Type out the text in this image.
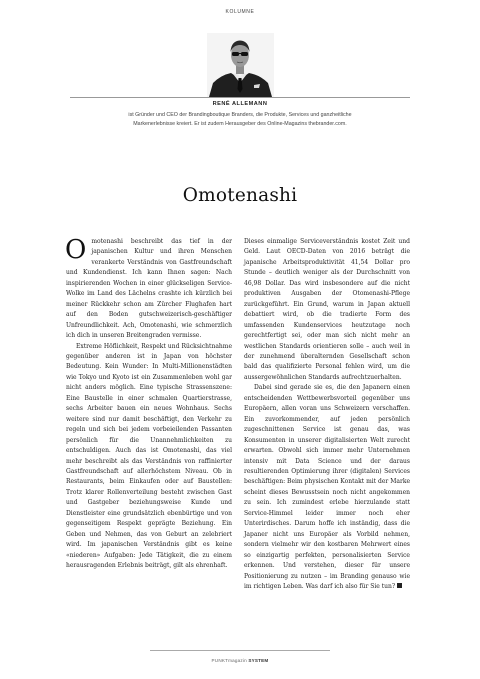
KOLUMNE
RENÉ ALLEMANN
ist Gründer und CEO der Brandingboutique Branders, die Produkte, Services und ganzheitliche
Markenerlebnisse kreiert. Er ist zudem Herausgeber des Online-Magazins thebrander.com.
Omotenashi

Omotenashi beschreibt das tief in der japanischen Kultur und ihren Menschen verankerte Verständnis von Gastfreundschaft und Kundendienst. Ich kann Ihnen sagen: Nach inspirierenden Wochen in einer glückseligen Service-Wolke im Land des Lächelns crashte ich kürzlich bei meiner Rückkehr schon am Zürcher Flughafen hart auf den Boden gutschweizerisch-geschäftiger Unfreundlichkeit. Ach, Omotenashi, wie schmerzlich ich dich in unseren Breitengraden vermisse.

Extreme Höflichkeit, Respekt und Rücksichtnahme gegenüber anderen ist in Japan von höchster Bedeutung. Kein Wunder: In Multi-Millionenstädten wie Tokyo und Kyoto ist ein Zusammenleben wohl gar nicht anders möglich. Eine typische Strassenszene: Eine Baustelle in einer schmalen Quartierstrasse, sechs Arbeiter bauen ein neues Wohnhaus. Sechs weitere sind nur damit beschäftigt, den Verkehr zu regeln und sich bei jedem vorbeieilenden Passanten persönlich für die Unannehmlichkeiten zu entschuldigen. Auch das ist Omotenashi, das viel mehr beschreibt als das Verständnis von raffinierter Gastfreundschaft auf allerhöchstem Niveau. Ob in Restaurants, beim Einkaufen oder auf Baustellen: Trotz klarer Rollenverteilung besteht zwischen Gast und Gastgeber beziehungsweise Kunde und Dienstleister eine grundsätzlich ebenbürtige und von gegenseitigem Respekt geprägte Beziehung. Ein Geben und Nehmen, das von Geburt an zelebriert wird. Im japanischen Verständnis gibt es keine «niederen» Aufgaben: Jede Tätigkeit, die zu einem herausragenden Erlebnis beiträgt, gilt als ehrenhaft.

Dieses einmalige Serviceverständnis kostet Zeit und Geld. Laut OECD-Daten von 2016 beträgt die japanische Arbeitsproduktivität 41,54 Dollar pro Stunde – deutlich weniger als der Durchschnitt von 46,98 Dollar. Das wird insbesondere auf die nicht produktiven Ausgaben der Otomenashi-Pflege zurückgeführt. Ein Grund, warum in Japan aktuell debattiert wird, ob die tradierte Form des umfassenden Kundenservices heutzutage noch gerechtfertigt sei, oder man sich nicht mehr an westlichen Standards orientieren solle – auch weil in der zunehmend überalternden Gesellschaft schon bald das qualifizierte Personal fehlen wird, um die aussergewöhnlichen Standards aufrechtzuerhalten.

Dabei sind gerade sie es, die den Japanern einen entscheidenden Wettbewerbsvorteil gegenüber uns Europäern, allen voran uns Schweizern verschaffen. Ein zuvorkommender, auf jeden persönlich zugeschnittenen Service ist genau das, was Konsumenten in unserer digitalisierten Welt zurecht erwarten. Obwohl sich immer mehr Unternehmen intensiv mit Data Science und der daraus resultierenden Optimierung ihrer (digitalen) Services beschäftigen: Beim physischen Kontakt mit der Marke scheint dieses Bewusstsein noch nicht angekommen zu sein. Ich zumindest erlebe hierzulande statt Service-Himmel leider immer noch eher Unterirdisches. Darum hoffe ich inständig, dass die Japaner nicht uns Europäer als Vorbild nehmen, sondern vielmehr wir den kostbaren Mehrwert eines so einzigartig perfekten, personalisierten Service erkennen. Und verstehen, dieser für unsere Positionierung zu nutzen – im Branding genauso wie im richtigen Leben. Was darf ich also für Sie tun?

PUNKTmagazin SYSTEM
